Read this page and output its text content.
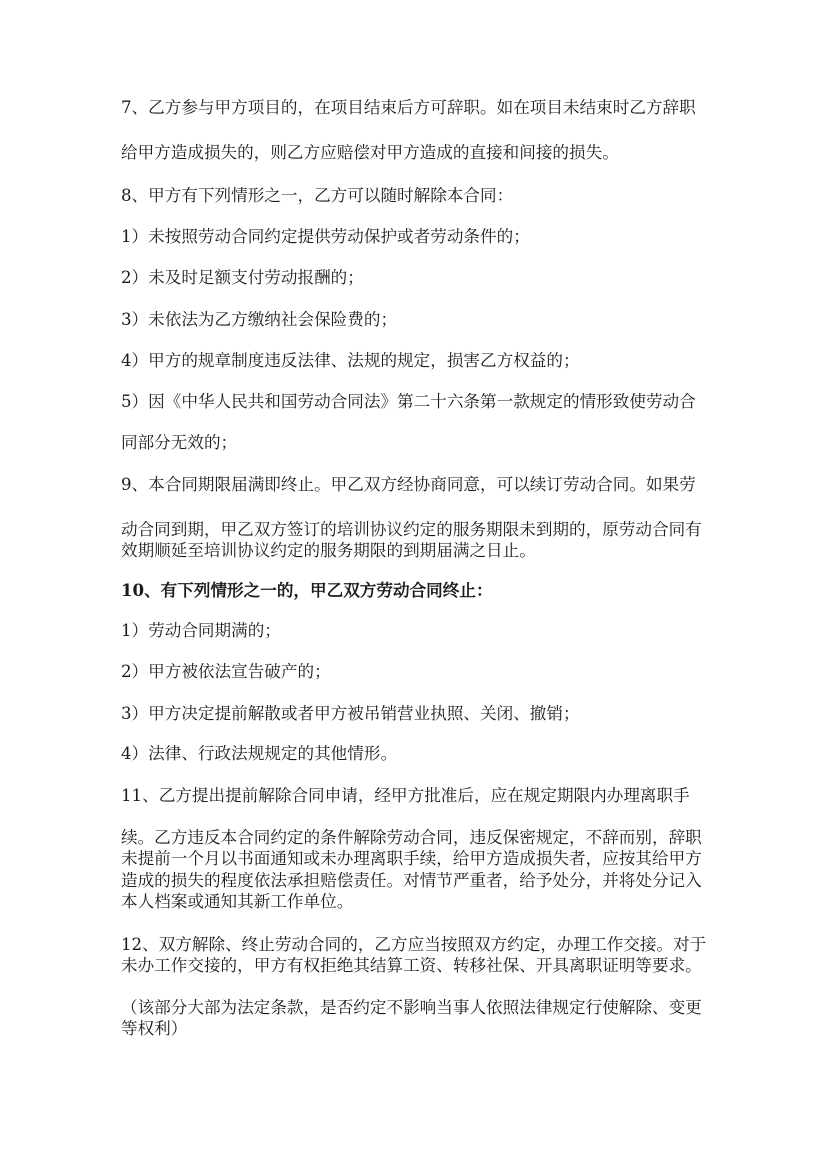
7、乙方参与甲方项目的，在项目结束后方可辞职。如在项目未结束时乙方辞职
给甲方造成损失的，则乙方应赔偿对甲方造成的直接和间接的损失。
8、甲方有下列情形之一，乙方可以随时解除本合同：
1）未按照劳动合同约定提供劳动保护或者劳动条件的；
2）未及时足额支付劳动报酬的；
3）未依法为乙方缴纳社会保险费的；
4）甲方的规章制度违反法律、法规的规定，损害乙方权益的；
5）因《中华人民共和国劳动合同法》第二十六条第一款规定的情形致使劳动合
同部分无效的；
9、本合同期限届满即终止。甲乙双方经协商同意，可以续订劳动合同。如果劳
动合同到期，甲乙双方签订的培训协议约定的服务期限未到期的，原劳动合同有
效期顺延至培训协议约定的服务期限的到期届满之日止。
10、有下列情形之一的，甲乙双方劳动合同终止：
1）劳动合同期满的；
2）甲方被依法宣告破产的；
3）甲方决定提前解散或者甲方被吊销营业执照、关闭、撤销；
4）法律、行政法规规定的其他情形。
11、乙方提出提前解除合同申请，经甲方批准后，应在规定期限内办理离职手
续。乙方违反本合同约定的条件解除劳动合同，违反保密规定，不辞而别，辞职
未提前一个月以书面通知或未办理离职手续，给甲方造成损失者，应按其给甲方
造成的损失的程度依法承担赔偿责任。对情节严重者，给予处分，并将处分记入
本人档案或通知其新工作单位。
12、双方解除、终止劳动合同的，乙方应当按照双方约定，办理工作交接。对于
未办工作交接的，甲方有权拒绝其结算工资、转移社保、开具离职证明等要求。
（该部分大部为法定条款，是否约定不影响当事人依照法律规定行使解除、变更
等权利）
